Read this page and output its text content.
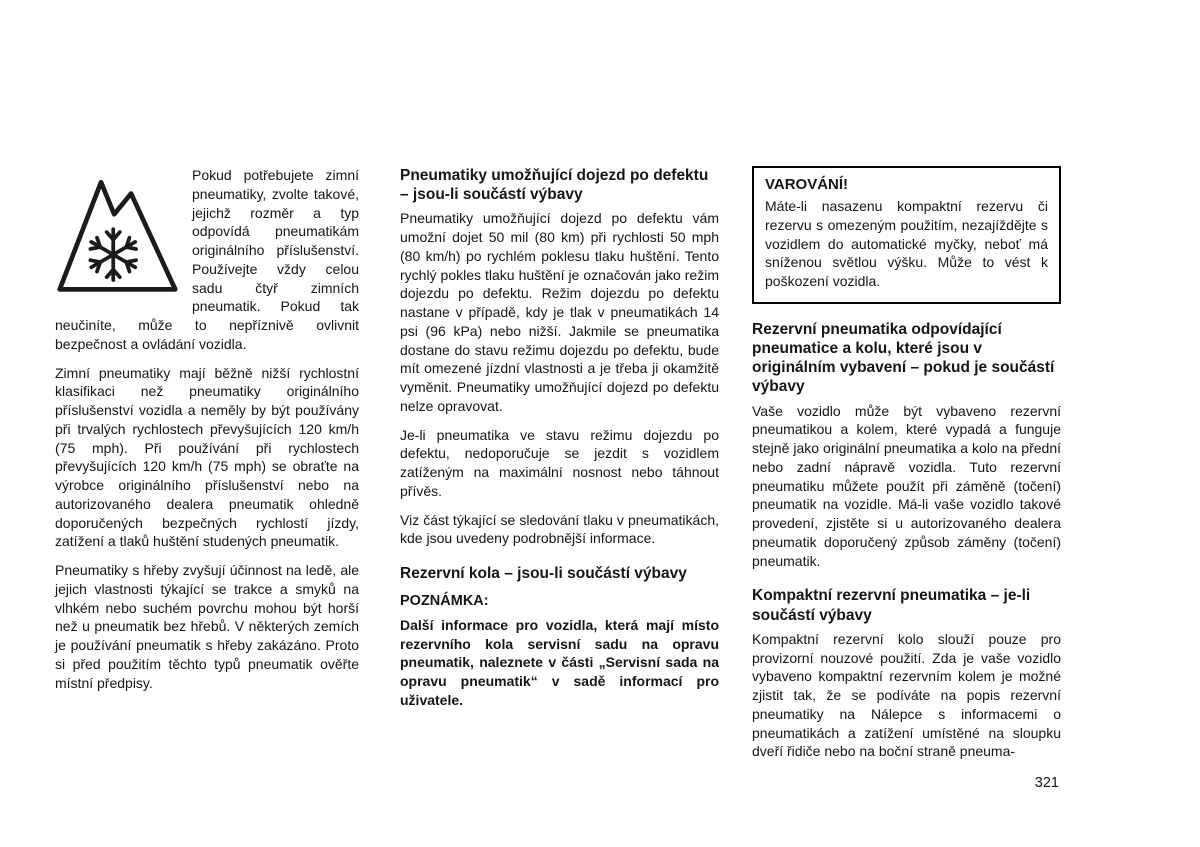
Pokud potřebujete zimní pneumatiky, zvolte takové, jejichž rozměr a typ odpovídá pneumatikám originálního příslušenství. Používejte vždy celou sadu čtyř zimních pneumatik. Pokud tak neučiníte, může to nepříznivě ovlivnit bezpečnost a ovládání vozidla.

Zimní pneumatiky mají běžně nižší rychlostní klasifikaci než pneumatiky originálního příslušenství vozidla a neměly by být používány při trvalých rychlostech převyšujících 120 km/h (75 mph). Při používání při rychlostech převyšujících 120 km/h (75 mph) se obraťte na výrobce originálního příslušenství nebo na autorizovaného dealera pneumatik ohledně doporučených bezpečných rychlostí jízdy, zatížení a tlaků huštění studených pneumatik.

Pneumatiky s hřeby zvyšují účinnost na ledě, ale jejich vlastnosti týkající se trakce a smyků na vlhkém nebo suchém povrchu mohou být horší než u pneumatik bez hřebů. V některých zemích je používání pneumatik s hřeby zakázáno. Proto si před použitím těchto typů pneumatik ověřte místní předpisy.

Pneumatiky umožňující dojezd po defektu – jsou-li součástí výbavy

Pneumatiky umožňující dojezd po defektu vám umožní dojet 50 mil (80 km) při rychlosti 50 mph (80 km/h) po rychlém poklesu tlaku huštění. Tento rychlý pokles tlaku huštění je označován jako režim dojezdu po defektu. Režim dojezdu po defektu nastane v případě, kdy je tlak v pneumatikách 14 psi (96 kPa) nebo nižší. Jakmile se pneumatika dostane do stavu režimu dojezdu po defektu, bude mít omezené jízdní vlastnosti a je třeba ji okamžitě vyměnit. Pneumatiky umožňující dojezd po defektu nelze opravovat.

Je-li pneumatika ve stavu režimu dojezdu po defektu, nedoporučuje se jezdit s vozidlem zatíženým na maximální nosnost nebo táhnout přívěs.

Viz část týkající se sledování tlaku v pneumatikách, kde jsou uvedeny podrobnější informace.

Rezervní kola – jsou-li součástí výbavy

POZNÁMKA:

Další informace pro vozidla, která mají místo rezervního kola servisní sadu na opravu pneumatik, naleznete v části „Servisní sada na opravu pneumatik“ v sadě informací pro uživatele.

VAROVÁNÍ!

Máte-li nasazenu kompaktní rezervu či rezervu s omezeným použitím, nezajíždějte s vozidlem do automatické myčky, neboť má sníženou světlou výšku. Může to vést k poškození vozidla.

Rezervní pneumatika odpovídající pneumatice a kolu, které jsou v originálním vybavení – pokud je součástí výbavy

Vaše vozidlo může být vybaveno rezervní pneumatikou a kolem, které vypadá a funguje stejně jako originální pneumatika a kolo na přední nebo zadní nápravě vozidla. Tuto rezervní pneumatiku můžete použít při záměně (točení) pneumatik na vozidle. Má-li vaše vozidlo takové provedení, zjistěte si u autorizovaného dealera pneumatik doporučený způsob záměny (točení) pneumatik.

Kompaktní rezervní pneumatika – je-li součástí výbavy

Kompaktní rezervní kolo slouží pouze pro provizorní nouzové použití. Zda je vaše vozidlo vybaveno kompaktní rezervním kolem je možné zjistit tak, že se podíváte na popis rezervní pneumatiky na Nálepce s informacemi o pneumatikách a zatížení umístěné na sloupku dveří řidiče nebo na boční straně pneuma-

321
